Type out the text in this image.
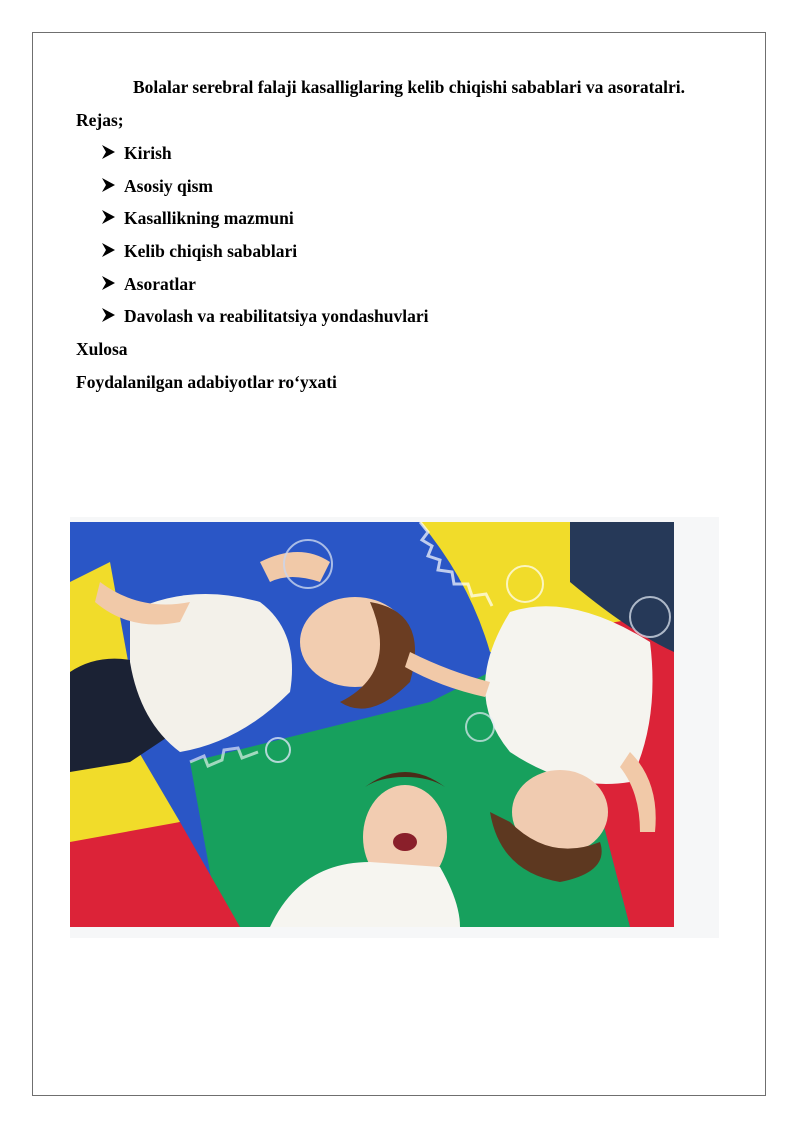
Bolalar serebral falaji kasalliglaring kelib chiqishi sabablari va asoratalri.
Rejas;
Kirish
Asosiy qism
Kasallikning mazmuni
Kelib chiqish sabablari
Asoratlar
Davolash va reabilitatsiya yondashuvlari
Xulosa
Foydalanilgan adabiyotlar ro‘yxati
